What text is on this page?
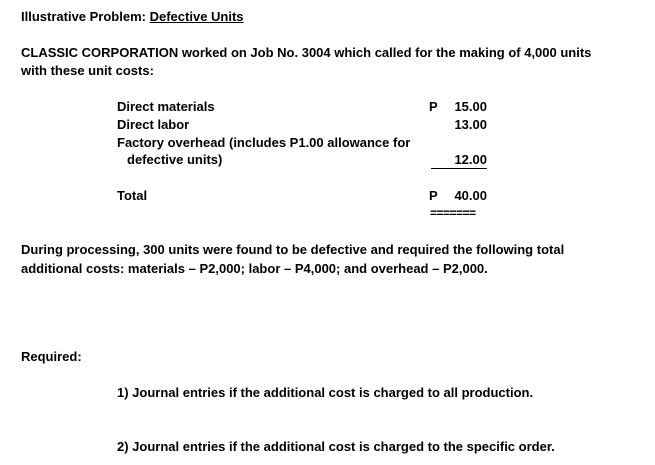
Illustrative Problem: Defective Units
CLASSIC CORPORATION worked on Job No. 3004 which called for the making of 4,000 units
with these unit costs:
Direct materials	P	15.00
Direct labor	13.00
Factory overhead (includes P1.00 allowance for
defective units)	12.00
Total	P	40.00
=======
During processing, 300 units were found to be defective and required the following total
additional costs: materials – P2,000; labor – P4,000; and overhead – P2,000.
Required:
1) Journal entries if the additional cost is charged to all production.
2) Journal entries if the additional cost is charged to the specific order.
